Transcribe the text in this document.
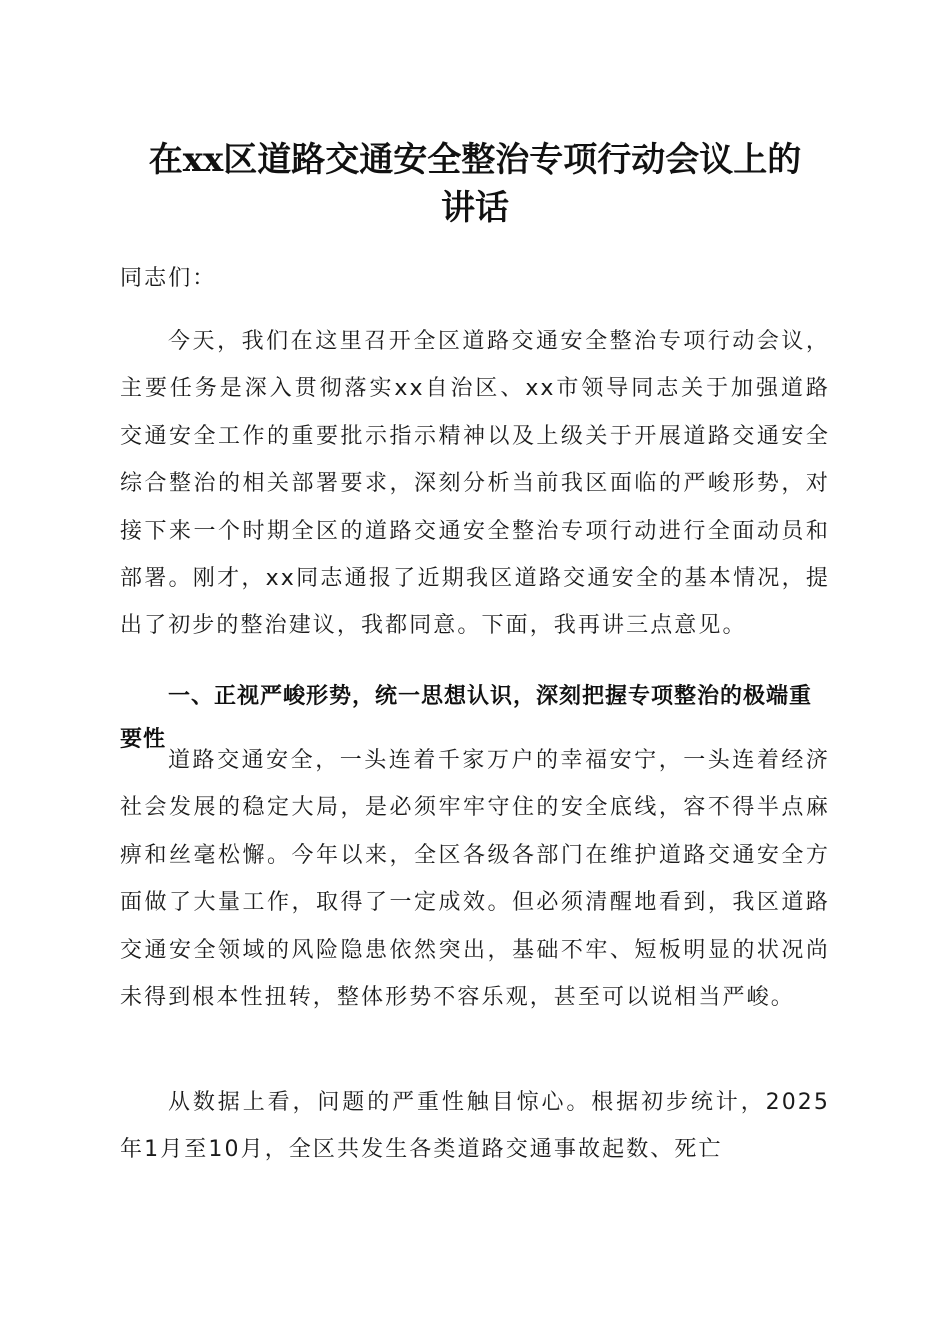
在xx区道路交通安全整治专项行动会议上的
讲话
同志们：

今天，我们在这里召开全区道路交通安全整治专项行动会议，主要任务是深入贯彻落实xx自治区、xx市领导同志关于加强道路交通安全工作的重要批示指示精神以及上级关于开展道路交通安全综合整治的相关部署要求，深刻分析当前我区面临的严峻形势，对接下来一个时期全区的道路交通安全整治专项行动进行全面动员和部署。刚才，xx同志通报了近期我区道路交通安全的基本情况，提出了初步的整治建议，我都同意。下面，我再讲三点意见。

一、正视严峻形势，统一思想认识，深刻把握专项整治的极端重要性

道路交通安全，一头连着千家万户的幸福安宁，一头连着经济社会发展的稳定大局，是必须牢牢守住的安全底线，容不得半点麻痹和丝毫松懈。今年以来，全区各级各部门在维护道路交通安全方面做了大量工作，取得了一定成效。但必须清醒地看到，我区道路交通安全领域的风险隐患依然突出，基础不牢、短板明显的状况尚未得到根本性扭转，整体形势不容乐观，甚至可以说相当严峻。

从数据上看，问题的严重性触目惊心。根据初步统计，2025年1月至10月，全区共发生各类道路交通事故起数、死亡
